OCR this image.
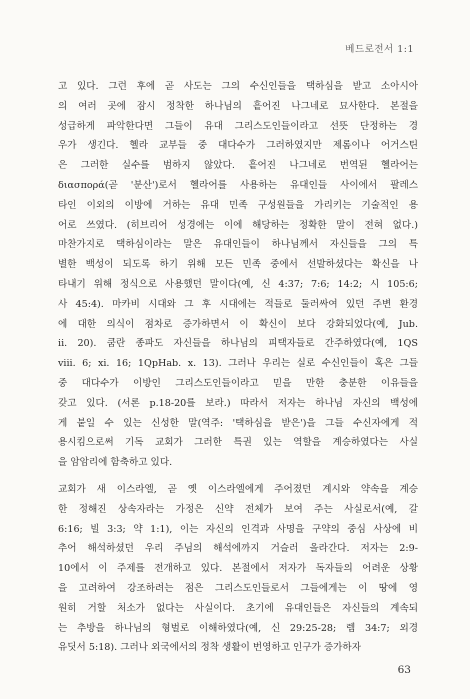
베드로전서 1:1
고 있다. 그런 후에 곧 사도는 그의 수신인들을 택하심을 받고 소아시아
의 여러 곳에 잠시 정착한 하나님의 흩어진 나그네로 묘사한다. 본절을
성급하게 파악한다면 그들이 유대 그리스도인들이라고 선뜻 단정하는 경
우가 생긴다. 헬라 교부들 중 대다수가 그러하였지만 제롬이나 어거스틴
은 그러한 실수를 범하지 않았다. 흩어진 나그네로 번역된 헬라어는
διασπορά(곧 '분산')로서 헬라어를 사용하는 유대인들 사이에서 팔레스
타인 이외의 이방에 거하는 유대 민족 구성원들을 가리키는 기술적인 용
어로 쓰였다. (히브리어 성경에는 이에 해당하는 정확한 말이 전혀 없다.)
마찬가지로 택하심이라는 말은 유대인들이 하나님께서 자신들을 그의 특
별한 백성이 되도록 하기 위해 모든 민족 중에서 선발하셨다는 확신을 나
타내기 위해 정식으로 사용했던 말이다(예, 신 4:37; 7:6; 14:2; 시 105:6;
사 45:4). 마카비 시대와 그 후 시대에는 적들로 둘러싸여 있던 주변 환경
에 대한 의식이 점차로 증가하면서 이 확신이 보다 강화되었다(예, Jub.
ii. 20). 쿰란 종파도 자신들을 하나님의 피택자들로 간주하였다(예, 1QS
viii. 6; xi. 16; 1QpHab. x. 13). 그러나 우리는 실로 수신인들이 혹은 그들
중 대다수가 이방인 그리스도인들이라고 믿을 만한 충분한 이유들을
갖고 있다. (서론 p.18-20를 보라.) 따라서 저자는 하나님 자신의 백성에
게 붙일 수 있는 신성한 말(역주: '택하심을 받은')을 그들 수신자에게 적
용시킴으로써 기독 교회가 그러한 특권 있는 역할을 계승하였다는 사실
을 암암리에 함축하고 있다.
교회가 새 이스라엘, 곧 옛 이스라엘에게 주어졌던 계시와 약속을 계승
한 정해진 상속자라는 가정은 신약 전체가 보여 주는 사실로서(예, 갈
6:16; 빌 3:3; 약 1:1), 이는 자신의 인격과 사명을 구약의 중심 사상에 비
추어 해석하셨던 우리 주님의 해석에까지 거슬러 올라간다. 저자는 2:9-
10에서 이 주제를 전개하고 있다. 본절에서 저자가 독자들의 어려운 상황
을 고려하여 강조하려는 점은 그리스도인들로서 그들에게는 이 땅에 영
원히 거할 처소가 없다는 사실이다. 초기에 유대인들은 자신들의 계속되
는 추방을 하나님의 형벌로 이해하였다(예, 신 29:25-28; 렘 34:7; 외경
유딧서 5:18). 그러나 외국에서의 정착 생활이 번영하고 인구가 증가하자
63
